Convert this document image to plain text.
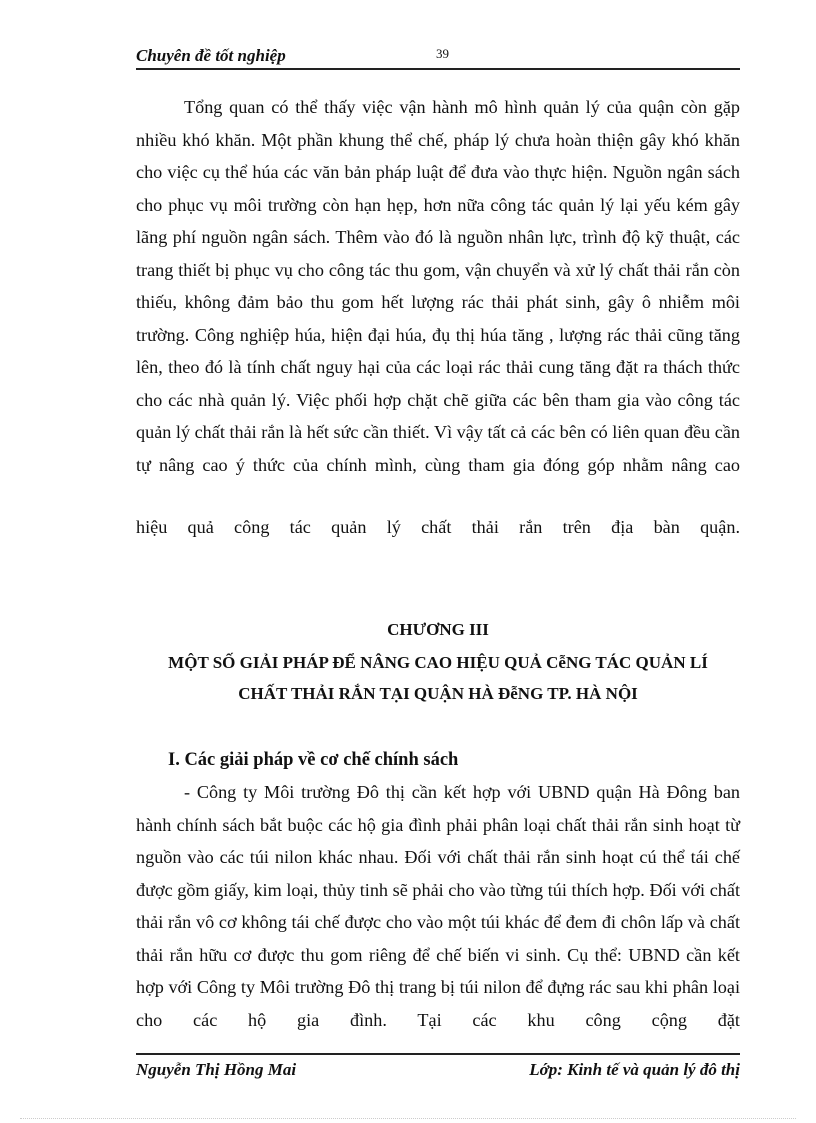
Chuyên đề tốt nghiệp	39

Tổng quan có thể thấy việc vận hành mô hình quản lý của quận còn gặp nhiều khó khăn. Một phần khung thể chế, pháp lý chưa hoàn thiện gây khó khăn cho việc cụ thể húa các văn bản pháp luật để đưa vào thực hiện. Nguồn ngân sách cho phục vụ môi trường còn hạn hẹp, hơn nữa công tác quản lý lại yếu kém gây lãng phí nguồn ngân sách. Thêm vào đó là nguồn nhân lực, trình độ kỹ thuật, các trang thiết bị phục vụ cho công tác thu gom, vận chuyển và xử lý chất thải rắn còn thiếu, không đảm bảo thu gom hết lượng rác thải phát sinh, gây ô nhiễm môi trường. Công nghiệp húa, hiện đại húa, đụ thị húa tăng , lượng rác thải cũng tăng lên, theo đó là tính chất nguy hại của các loại rác thải cung tăng đặt ra thách thức cho các nhà quản lý. Việc phối hợp chặt chẽ giữa các bên tham gia vào công tác quản lý chất thải rắn là hết sức cần thiết. Vì vậy tất cả các bên có liên quan đều cần tự nâng cao ý thức của chính mình, cùng tham gia đóng góp nhằm nâng cao

hiệu quả công tác quản lý chất thải rắn trên địa bàn quận.

CHƯƠNG III
MỘT SỐ GIẢI PHÁP ĐỂ NÂNG CAO HIỆU QUẢ CễNG TÁC QUẢN LÍ
CHẤT THẢI RẮN TẠI QUẬN HÀ ĐễNG TP. HÀ NỘI
I. Các giải pháp về cơ chế chính sách

- Công ty Môi trường Đô thị cần kết hợp với UBND quận Hà Đông ban hành chính sách bắt buộc các hộ gia đình phải phân loại chất thải rắn sinh hoạt từ nguồn vào các túi nilon khác nhau. Đối với chất thải rắn sinh hoạt cú thể tái chế được gồm giấy, kim loại, thủy tinh sẽ phải cho vào từng túi thích hợp. Đối với chất thải rắn vô cơ không tái chế được cho vào một túi khác để đem đi chôn lấp và chất thải rắn hữu cơ được thu gom riêng để chế biến vi sinh. Cụ thể: UBND cần kết hợp với Công ty Môi trường Đô thị trang bị túi nilon để đựng rác sau khi phân loại cho các hộ gia đình. Tại các khu công cộng đặt

Nguyễn Thị Hồng Mai	Lớp: Kinh tế và quản lý đô thị
